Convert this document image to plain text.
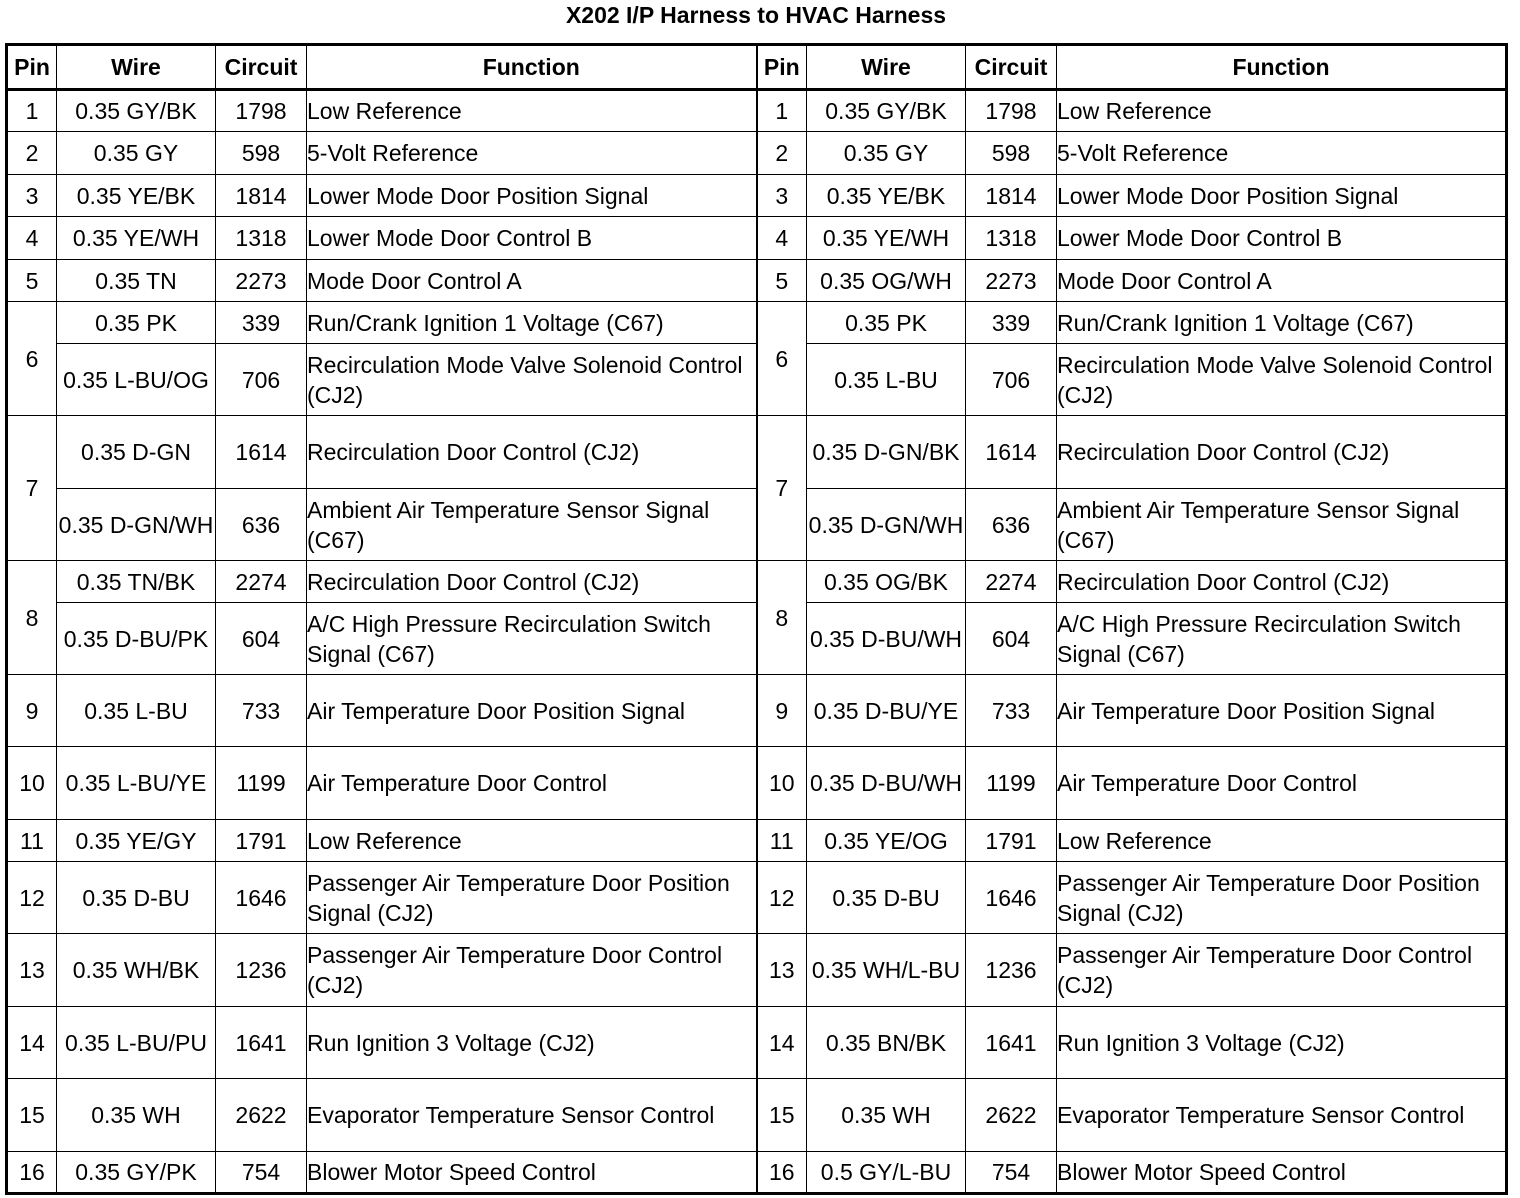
X202 I/P Harness to HVAC Harness
Pin	Wire	Circuit	Function	Pin	Wire	Circuit	Function
1	0.35 GY/BK	1798	Low Reference	1	0.35 GY/BK	1798	Low Reference
2	0.35 GY	598	5-Volt Reference	2	0.35 GY	598	5-Volt Reference
3	0.35 YE/BK	1814	Lower Mode Door Position Signal	3	0.35 YE/BK	1814	Lower Mode Door Position Signal
4	0.35 YE/WH	1318	Lower Mode Door Control B	4	0.35 YE/WH	1318	Lower Mode Door Control B
5	0.35 TN	2273	Mode Door Control A	5	0.35 OG/WH	2273	Mode Door Control A
6	0.35 PK	339	Run/Crank Ignition 1 Voltage (C67)	6	0.35 PK	339	Run/Crank Ignition 1 Voltage (C67)
	0.35 L-BU/OG	706	Recirculation Mode Valve Solenoid Control (CJ2)		0.35 L-BU	706	Recirculation Mode Valve Solenoid Control (CJ2)
7	0.35 D-GN	1614	Recirculation Door Control (CJ2)	7	0.35 D-GN/BK	1614	Recirculation Door Control (CJ2)
	0.35 D-GN/WH	636	Ambient Air Temperature Sensor Signal (C67)		0.35 D-GN/WH	636	Ambient Air Temperature Sensor Signal (C67)
8	0.35 TN/BK	2274	Recirculation Door Control (CJ2)	8	0.35 OG/BK	2274	Recirculation Door Control (CJ2)
	0.35 D-BU/PK	604	A/C High Pressure Recirculation Switch Signal (C67)		0.35 D-BU/WH	604	A/C High Pressure Recirculation Switch Signal (C67)
9	0.35 L-BU	733	Air Temperature Door Position Signal	9	0.35 D-BU/YE	733	Air Temperature Door Position Signal
10	0.35 L-BU/YE	1199	Air Temperature Door Control	10	0.35 D-BU/WH	1199	Air Temperature Door Control
11	0.35 YE/GY	1791	Low Reference	11	0.35 YE/OG	1791	Low Reference
12	0.35 D-BU	1646	Passenger Air Temperature Door Position Signal (CJ2)	12	0.35 D-BU	1646	Passenger Air Temperature Door Position Signal (CJ2)
13	0.35 WH/BK	1236	Passenger Air Temperature Door Control (CJ2)	13	0.35 WH/L-BU	1236	Passenger Air Temperature Door Control (CJ2)
14	0.35 L-BU/PU	1641	Run Ignition 3 Voltage (CJ2)	14	0.35 BN/BK	1641	Run Ignition 3 Voltage (CJ2)
15	0.35 WH	2622	Evaporator Temperature Sensor Control	15	0.35 WH	2622	Evaporator Temperature Sensor Control
16	0.35 GY/PK	754	Blower Motor Speed Control	16	0.5 GY/L-BU	754	Blower Motor Speed Control
